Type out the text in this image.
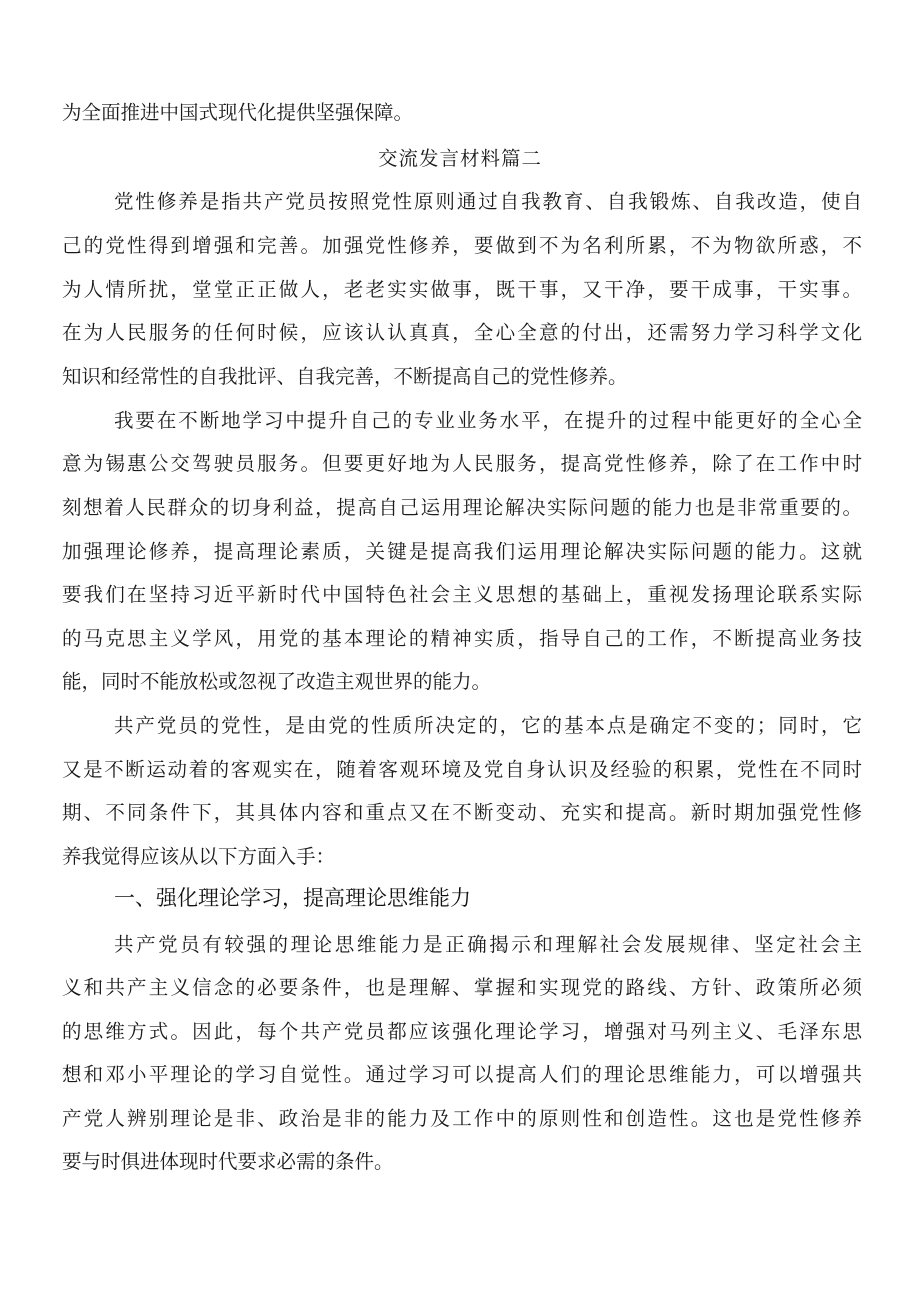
为全面推进中国式现代化提供坚强保障。
交流发言材料篇二
党性修养是指共产党员按照党性原则通过自我教育、自我锻炼、自我改造，使自
己的党性得到增强和完善。加强党性修养，要做到不为名利所累，不为物欲所惑，不
为人情所扰，堂堂正正做人，老老实实做事，既干事，又干净，要干成事，干实事。
在为人民服务的任何时候，应该认认真真，全心全意的付出，还需努力学习科学文化
知识和经常性的自我批评、自我完善，不断提高自己的党性修养。
我要在不断地学习中提升自己的专业业务水平，在提升的过程中能更好的全心全
意为锡惠公交驾驶员服务。但要更好地为人民服务，提高党性修养，除了在工作中时
刻想着人民群众的切身利益，提高自己运用理论解决实际问题的能力也是非常重要的。
加强理论修养，提高理论素质，关键是提高我们运用理论解决实际问题的能力。这就
要我们在坚持习近平新时代中国特色社会主义思想的基础上，重视发扬理论联系实际
的马克思主义学风，用党的基本理论的精神实质，指导自己的工作，不断提高业务技
能，同时不能放松或忽视了改造主观世界的能力。
共产党员的党性，是由党的性质所决定的，它的基本点是确定不变的；同时，它
又是不断运动着的客观实在，随着客观环境及党自身认识及经验的积累，党性在不同时
期、不同条件下，其具体内容和重点又在不断变动、充实和提高。新时期加强党性修
养我觉得应该从以下方面入手：
一、强化理论学习，提高理论思维能力
共产党员有较强的理论思维能力是正确揭示和理解社会发展规律、坚定社会主
义和共产主义信念的必要条件，也是理解、掌握和实现党的路线、方针、政策所必须
的思维方式。因此，每个共产党员都应该强化理论学习，增强对马列主义、毛泽东思
想和邓小平理论的学习自觉性。通过学习可以提高人们的理论思维能力，可以增强共
产党人辨别理论是非、政治是非的能力及工作中的原则性和创造性。这也是党性修养
要与时俱进体现时代要求必需的条件。
